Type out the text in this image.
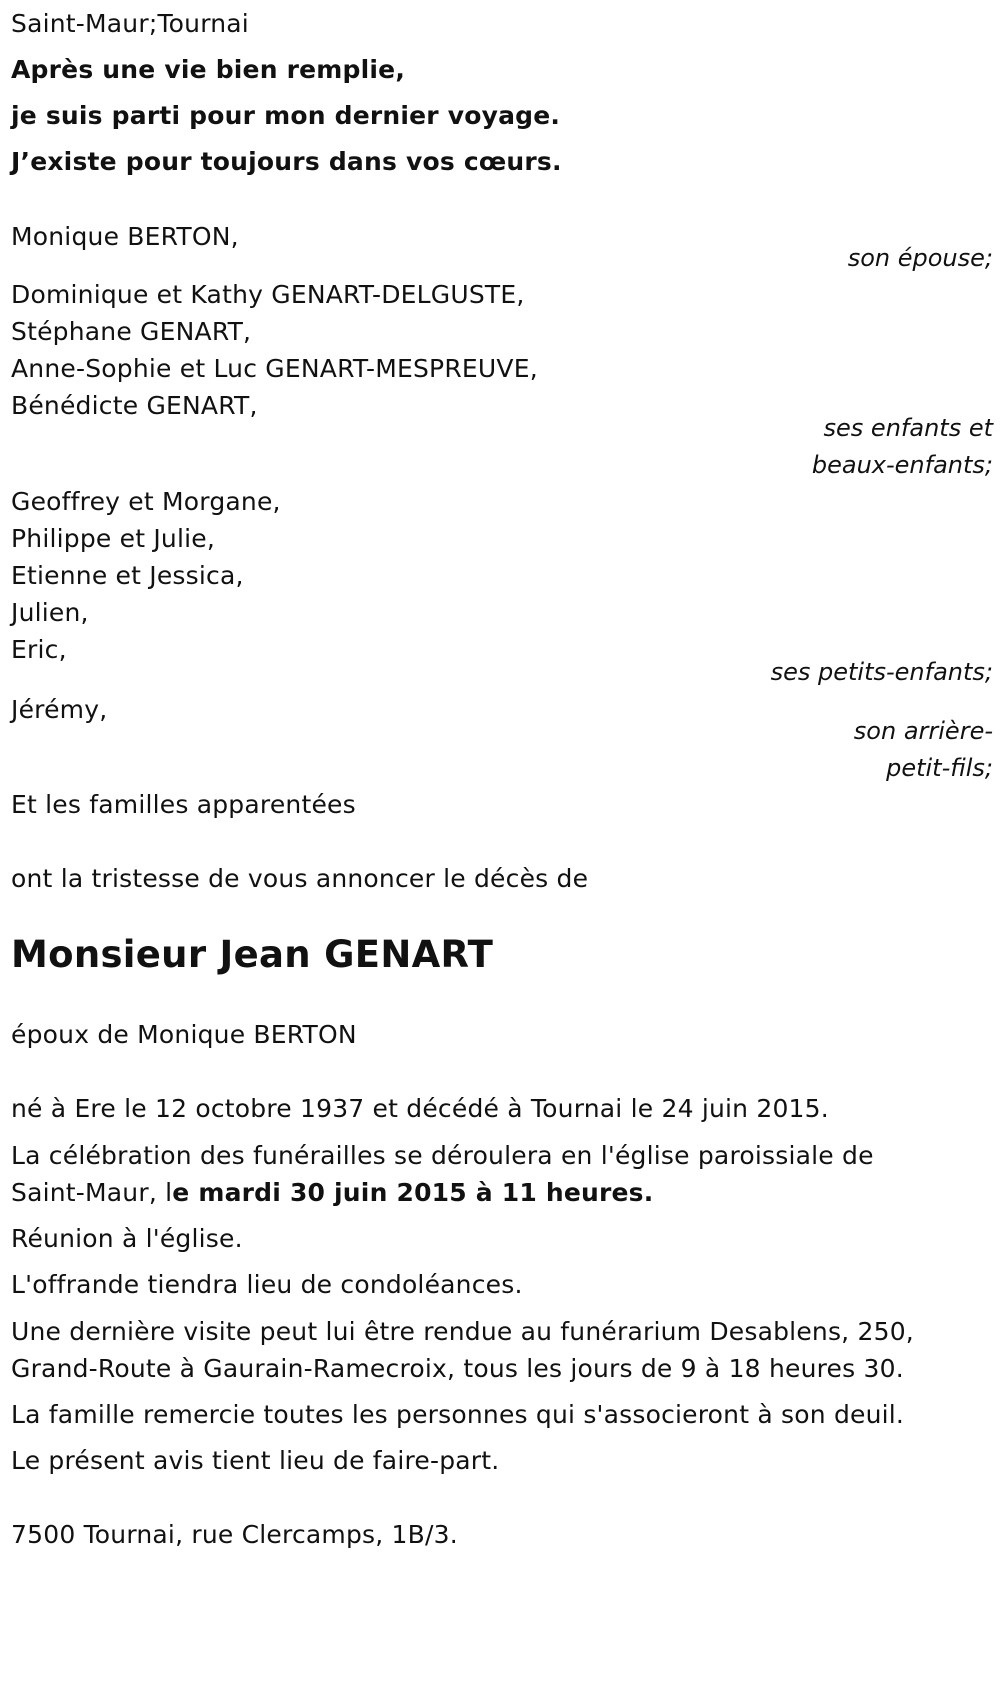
Saint-Maur;Tournai
Après une vie bien remplie,
je suis parti pour mon dernier voyage.
J’existe pour toujours dans vos cœurs.
Monique BERTON,
son épouse;
Dominique et Kathy GENART-DELGUSTE,
Stéphane GENART,
Anne-Sophie et Luc GENART-MESPREUVE,
Bénédicte GENART,
ses enfants et
beaux-enfants;
Geoffrey et Morgane,
Philippe et Julie,
Etienne et Jessica,
Julien,
Eric,
ses petits-enfants;
Jérémy,
son arrière-
petit-fils;
Et les familles apparentées
ont la tristesse de vous annoncer le décès de
Monsieur Jean GENART
époux de Monique BERTON
né à Ere le 12 octobre 1937 et décédé à Tournai le 24 juin 2015.
La célébration des funérailles se déroulera en l'église paroissiale de
Saint-Maur, le mardi 30 juin 2015 à 11 heures.
Réunion à l'église.
L'offrande tiendra lieu de condoléances.
Une dernière visite peut lui être rendue au funérarium Desablens, 250,
Grand-Route à Gaurain-Ramecroix, tous les jours de 9 à 18 heures 30.
La famille remercie toutes les personnes qui s'associeront à son deuil.
Le présent avis tient lieu de faire-part.
7500 Tournai, rue Clercamps, 1B/3.
